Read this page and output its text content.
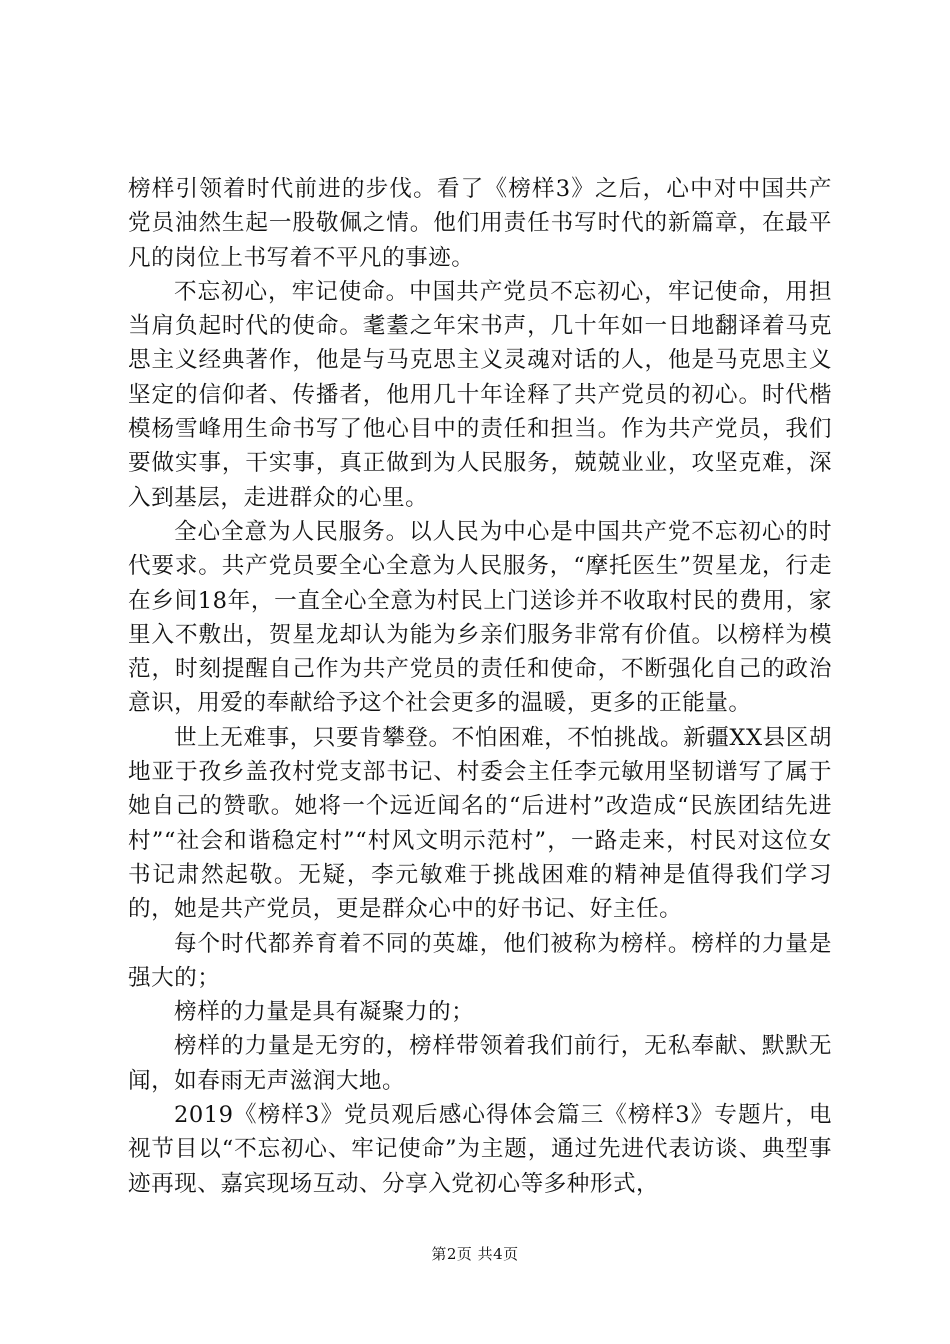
榜样引领着时代前进的步伐。看了《榜样3》之后，心中对中国共产党员油然生起一股敬佩之情。他们用责任书写时代的新篇章，在最平凡的岗位上书写着不平凡的事迹。

不忘初心，牢记使命。中国共产党员不忘初心，牢记使命，用担当肩负起时代的使命。耄耋之年宋书声，几十年如一日地翻译着马克思主义经典著作，他是与马克思主义灵魂对话的人，他是马克思主义坚定的信仰者、传播者，他用几十年诠释了共产党员的初心。时代楷模杨雪峰用生命书写了他心目中的责任和担当。作为共产党员，我们要做实事，干实事，真正做到为人民服务，兢兢业业，攻坚克难，深入到基层，走进群众的心里。

全心全意为人民服务。以人民为中心是中国共产党不忘初心的时代要求。共产党员要全心全意为人民服务，“摩托医生”贺星龙，行走在乡间18年，一直全心全意为村民上门送诊并不收取村民的费用，家里入不敷出，贺星龙却认为能为乡亲们服务非常有价值。以榜样为模范，时刻提醒自己作为共产党员的责任和使命，不断强化自己的政治意识，用爱的奉献给予这个社会更多的温暖，更多的正能量。

世上无难事，只要肯攀登。不怕困难，不怕挑战。新疆XX县区胡地亚于孜乡盖孜村党支部书记、村委会主任李元敏用坚韧谱写了属于她自己的赞歌。她将一个远近闻名的“后进村”改造成“民族团结先进村”“社会和谐稳定村”“村风文明示范村”，一路走来，村民对这位女书记肃然起敬。无疑，李元敏难于挑战困难的精神是值得我们学习的，她是共产党员，更是群众心中的好书记、好主任。

每个时代都养育着不同的英雄，他们被称为榜样。榜样的力量是强大的；

榜样的力量是具有凝聚力的；

榜样的力量是无穷的，榜样带领着我们前行，无私奉献、默默无闻，如春雨无声滋润大地。

2019《榜样3》党员观后感心得体会篇三《榜样3》专题片，电视节目以“不忘初心、牢记使命”为主题，通过先进代表访谈、典型事迹再现、嘉宾现场互动、分享入党初心等多种形式，

第2页 共4页
